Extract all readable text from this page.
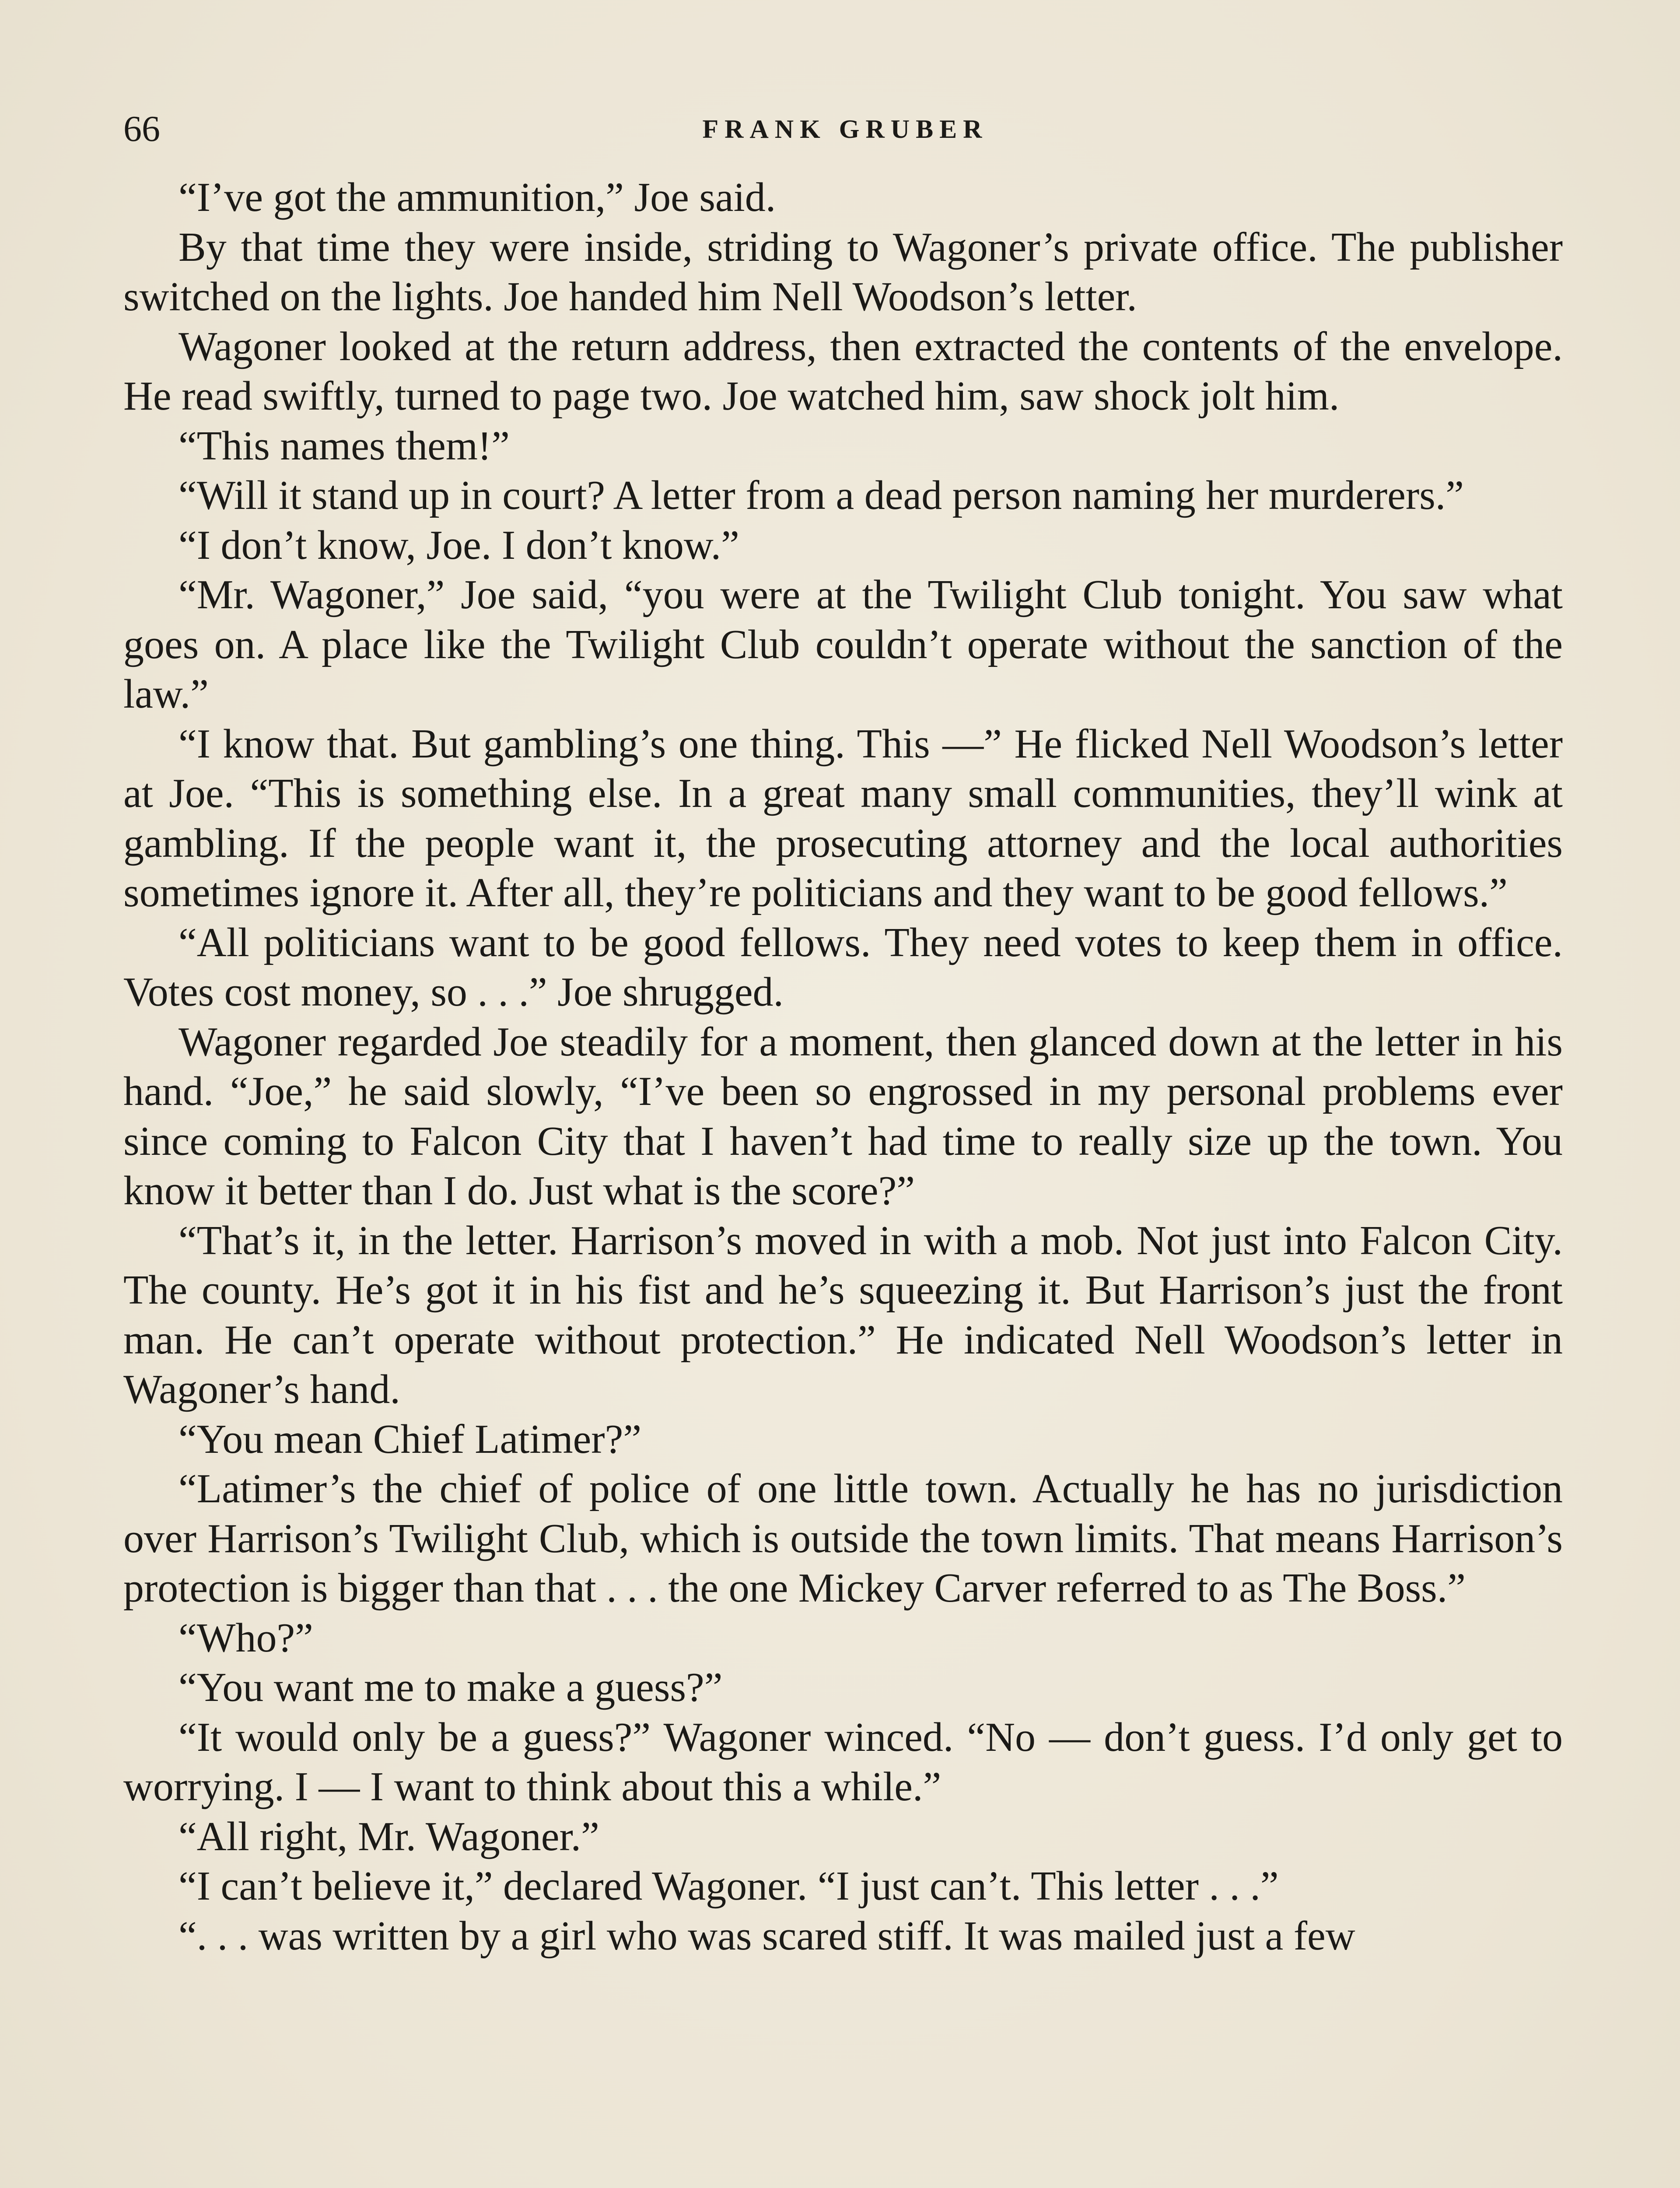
66	FRANK GRUBER

“I’ve got the ammunition,” Joe said.

By that time they were inside, striding to Wagoner’s private office. The publisher switched on the lights. Joe handed him Nell Woodson’s letter.

Wagoner looked at the return address, then extracted the contents of the envelope. He read swiftly, turned to page two. Joe watched him, saw shock jolt him.

“This names them!”

“Will it stand up in court? A letter from a dead person naming her murderers.”

“I don’t know, Joe. I don’t know.”

“Mr. Wagoner,” Joe said, “you were at the Twilight Club tonight. You saw what goes on. A place like the Twilight Club couldn’t operate without the sanction of the law.”

“I know that. But gambling’s one thing. This —” He flicked Nell Woodson’s letter at Joe. “This is something else. In a great many small communities, they’ll wink at gambling. If the people want it, the prosecuting attorney and the local authorities sometimes ignore it. After all, they’re politicians and they want to be good fellows.”

“All politicians want to be good fellows. They need votes to keep them in office. Votes cost money, so . . .” Joe shrugged.

Wagoner regarded Joe steadily for a moment, then glanced down at the letter in his hand. “Joe,” he said slowly, “I’ve been so engrossed in my personal problems ever since coming to Falcon City that I haven’t had time to really size up the town. You know it better than I do. Just what is the score?”

“That’s it, in the letter. Harrison’s moved in with a mob. Not just into Falcon City. The county. He’s got it in his fist and he’s squeezing it. But Harrison’s just the front man. He can’t operate without protection.” He indicated Nell Woodson’s letter in Wagoner’s hand.

“You mean Chief Latimer?”

“Latimer’s the chief of police of one little town. Actually he has no jurisdiction over Harrison’s Twilight Club, which is outside the town limits. That means Harrison’s protection is bigger than that . . . the one Mickey Carver referred to as The Boss.”

“Who?”

“You want me to make a guess?”

“It would only be a guess?” Wagoner winced. “No — don’t guess. I’d only get to worrying. I — I want to think about this a while.”

“All right, Mr. Wagoner.”

“I can’t believe it,” declared Wagoner. “I just can’t. This letter . . .”

“. . . was written by a girl who was scared stiff. It was mailed just a few
